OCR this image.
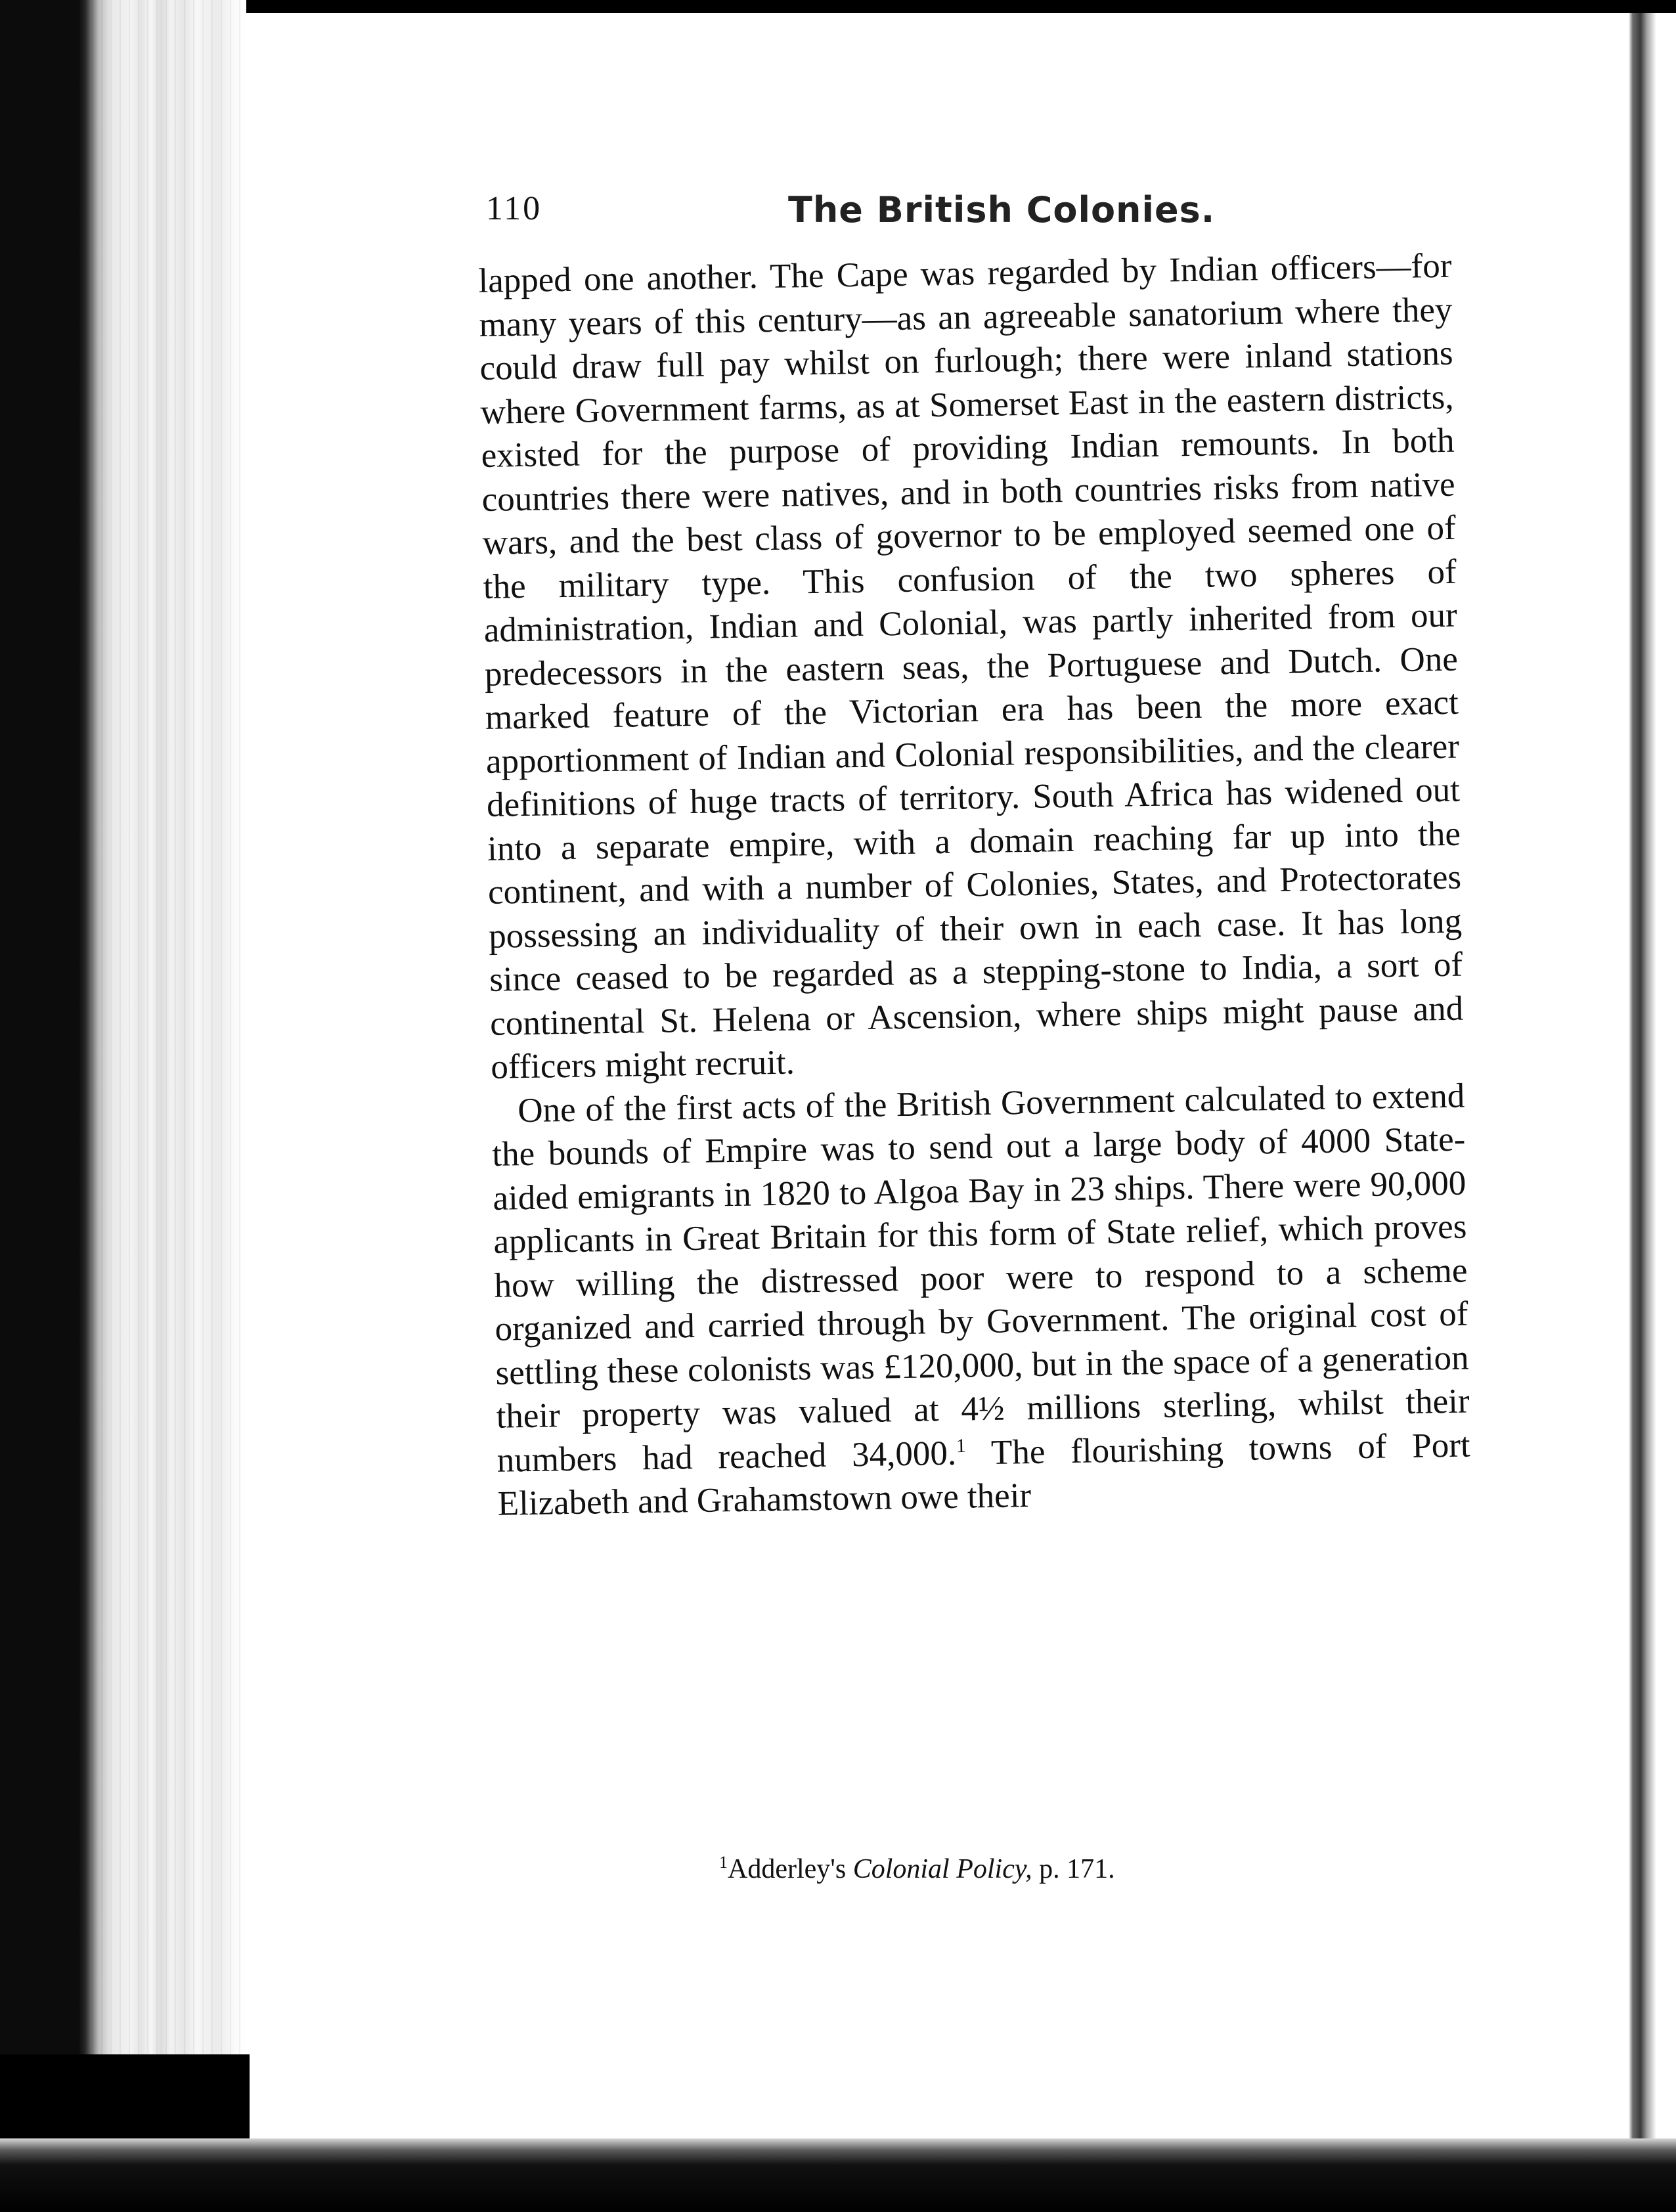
110	The British Colonies.

lapped one another. The Cape was regarded by Indian officers—for many years of this century—as an agreeable sanatorium where they could draw full pay whilst on furlough; there were inland stations where Government farms, as at Somerset East in the eastern districts, existed for the purpose of providing Indian remounts. In both countries there were natives, and in both countries risks from native wars, and the best class of governor to be employed seemed one of the military type. This confusion of the two spheres of administration, Indian and Colonial, was partly inherited from our predecessors in the eastern seas, the Portuguese and Dutch. One marked feature of the Victorian era has been the more exact apportionment of Indian and Colonial responsibilities, and the clearer definitions of huge tracts of territory. South Africa has widened out into a separate empire, with a domain reaching far up into the continent, and with a number of Colonies, States, and Protectorates possessing an individuality of their own in each case. It has long since ceased to be regarded as a stepping-stone to India, a sort of continental St. Helena or Ascension, where ships might pause and officers might recruit.

One of the first acts of the British Government calculated to extend the bounds of Empire was to send out a large body of 4000 State-aided emigrants in 1820 to Algoa Bay in 23 ships. There were 90,000 applicants in Great Britain for this form of State relief, which proves how willing the distressed poor were to respond to a scheme organized and carried through by Government. The original cost of settling these colonists was £120,000, but in the space of a generation their property was valued at 4½ millions sterling, whilst their numbers had reached 34,000.$^1$ The flourishing towns of Port Elizabeth and Grahamstown owe their

$^1$Adderley's Colonial Policy, p. 171.
